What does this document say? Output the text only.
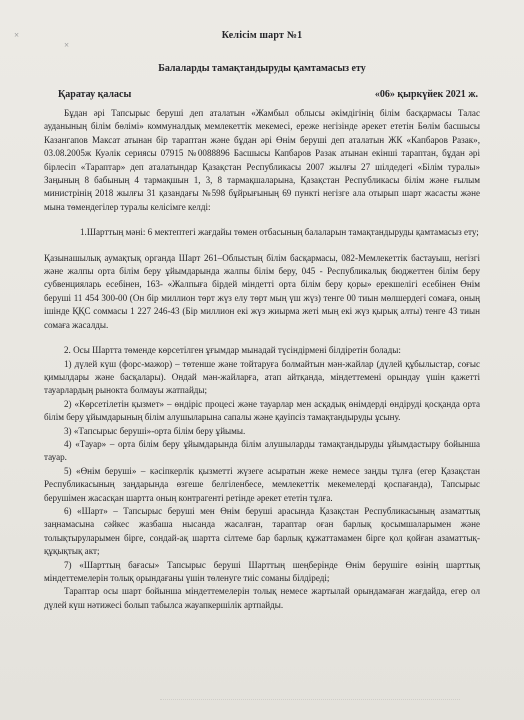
×
×
Келісім шарт №1
Балаларды тамақтандыруды қамтамасыз ету
Қаратау қаласы	«06» қыркүйек 2021 ж.

Бұдан әрі Тапсырыс беруші деп аталатын «Жамбыл облысы әкімдігінің білім басқармасы Талас ауданының білім бөлімі» коммуналдық мемлекеттік мекемесі, ереже негізінде әрекет ететін Бөлім басшысы Казангапов Максат атынан бір тараптан және бұдан әрі Өнім беруші деп аталатын ЖК «Капбаров Разак», 03.08.2005ж Куәлік сериясы 07915 №0088896 Басшысы Капбаров Разак атынан екінші тараптан, бұдан әрі бірлесіп «Тараптар» деп аталатындар Қазақстан Республикасы 2007 жылғы 27 шілдедегі «Білім туралы» Заңының 8 бабының 4 тармақшын 1, 3, 8 тармақшаларына, Қазақстан Республикасы білім және ғылым министрінің 2018 жылғы 31 қазандағы №598 бұйрығының 69 пункті негізге ала отырып шарт жасасты және мына төмендегілер туралы келісімге келді:

1.Шарттың мәні: 6 мектептегі жағдайы төмен отбасының балаларын тамақтандыруды қамтамасыз ету;

Қазынашылық аумақтық органда Шарт 261–Облыстың білім басқармасы, 082-Мемлекеттік бастауыш, негізгі және жалпы орта білім беру ұйымдарында жалпы білім беру, 045 - Республикалық бюджеттен білім беру субвенцияларь есебінен, 163- «Жалпыға бірдей міндетті орта білім беру қоры» ерекшелігі есебінен Өнім беруші 11 454 300-00 (Он бір миллион төрт жүз елу төрт мың үш жүз) тенге 00 тиын мөлшердегі сомаға, оның ішінде ҚҚС соммасы 1 227 246-43 (Бір миллион екі жүз жиырма жеті мың екі жүз қырық алты) тенге 43 тиын сомаға жасалды.

2. Осы Шартта төменде көрсетілген ұғымдар мынадай түсіндірмені білдіретін болады:

1) дүлей күш (форс-мажор) – төтенше және тойтаруға болмайтын мән-жайлар (дүлей құбылыстар, соғыс қимылдары және басқалары). Ондай мән-жайларға, атап айтқанда, міндеттемені орындау үшін қажетті тауарлардың рынокта болмауы жатпайды;

2) «Көрсетілетін қызмет» – өндіріс процесі және тауарлар мен асқадық өнімдерді өндіруді қосқанда орта білім беру ұйымдарының білім алушыларына сапалы және қауіпсіз тамақтандыруды ұсыну.

3) «Тапсырыс беруші»-орта білім беру ұйымы.

4) «Тауар» – орта білім беру ұйымдарында білім алушыларды тамақтандыруды ұйымдастыру бойынша тауар.

5) «Өнім беруші» – кәсіпкерлік қызметті жүзеге асыратын жеке немесе заңды тұлға (егер Қазақстан Республикасының заңдарында өзгеше белгіленбесе, мемлекеттік мекемелерді қоспағанда), Тапсырыс берушімен жасасқан шартта оның контрагенті ретінде әрекет ететін тұлға.

6) «Шарт» – Тапсырыс беруші мен Өнім беруші арасында Қазақстан Республикасының азаматтық заңнамасына сәйкес жазбаша нысанда жасалған, тараптар оған барлық қосымшаларымен және толықтыруларымен бірге, сондай-ақ шартта сілтеме бар барлық құжаттамамен бірге қол қойған азаматтық-құқықтық акт;

7) «Шарттың бағасы» Тапсырыс беруші Шарттың шеңберінде Өнім берушіге өзінің шарттық міндеттемелерін толық орындағаны үшін төленуге тиіс соманы білдіреді;

Тараптар осы шарт бойынша міндеттемелерін толық немесе жартылай орындамаған жағдайда, егер ол дүлей күш нәтижесі болып табылса жауапкершілік артпайды.
